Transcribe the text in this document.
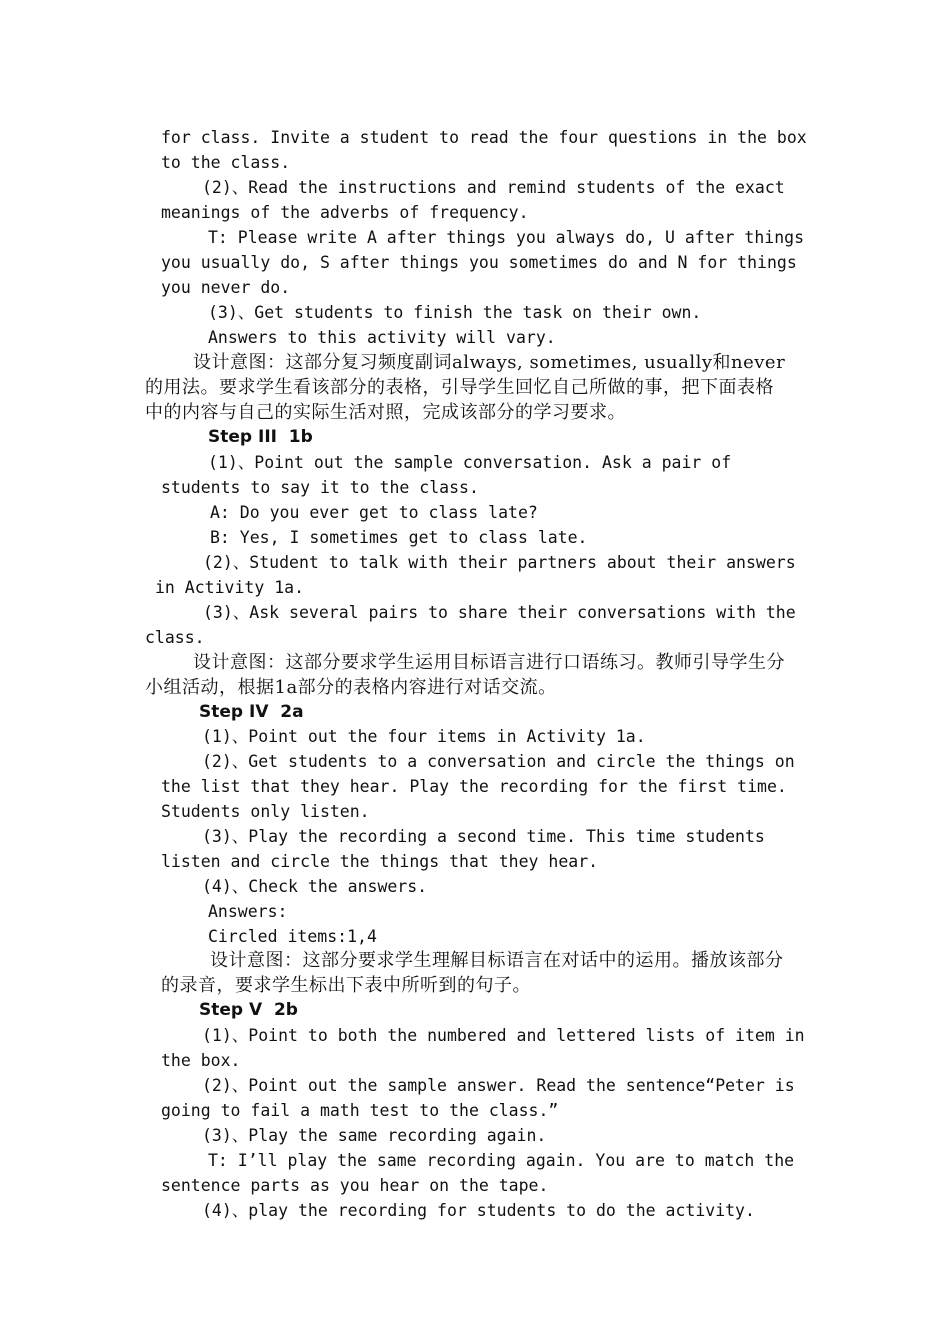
for class. Invite a student to read the four questions in the box
to the class.
(2)、Read the instructions and remind students of the exact
meanings of the adverbs of frequency.
T: Please write A after things you always do, U after things
you usually do, S after things you sometimes do and N for things
you never do.
(3)、Get students to finish the task on their own.
Answers to this activity will vary.
设计意图：这部分复习频度副词always, sometimes, usually和never
的用法。要求学生看该部分的表格，引导学生回忆自己所做的事，把下面表格
中的内容与自己的实际生活对照，完成该部分的学习要求。
Step III  1b
(1)、Point out the sample conversation. Ask a pair of
students to say it to the class.
A: Do you ever get to class late?
B: Yes, I sometimes get to class late.
(2)、Student to talk with their partners about their answers
in Activity 1a.
(3)、Ask several pairs to share their conversations with the
class.
设计意图：这部分要求学生运用目标语言进行口语练习。教师引导学生分
小组活动，根据1a部分的表格内容进行对话交流。
Step IV  2a
(1)、Point out the four items in Activity 1a.
(2)、Get students to a conversation and circle the things on
the list that they hear. Play the recording for the first time.
Students only listen.
(3)、Play the recording a second time. This time students
listen and circle the things that they hear.
(4)、Check the answers.
Answers:
Circled items:1,4
设计意图：这部分要求学生理解目标语言在对话中的运用。播放该部分
的录音，要求学生标出下表中所听到的句子。
Step V  2b
(1)、Point to both the numbered and lettered lists of item in
the box.
(2)、Point out the sample answer. Read the sentence“Peter is
going to fail a math test to the class.”
(3)、Play the same recording again.
T: I’ll play the same recording again. You are to match the
sentence parts as you hear on the tape.
(4)、play the recording for students to do the activity.
